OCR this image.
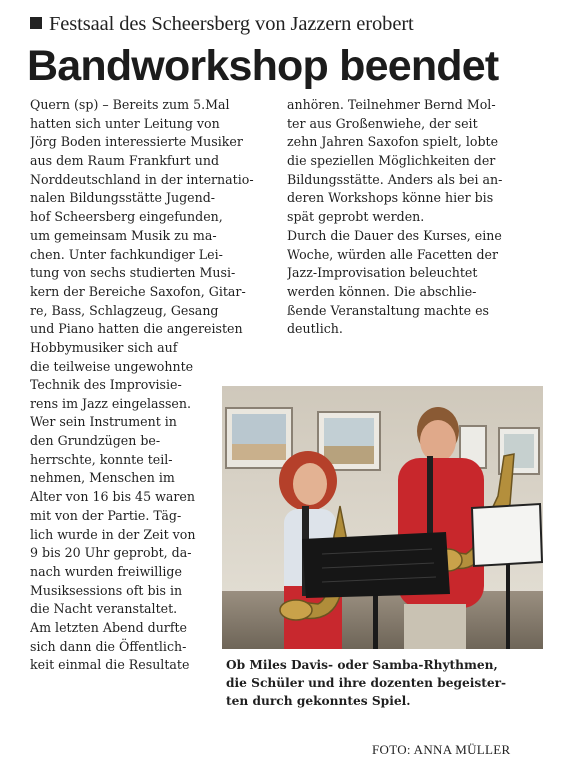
Festsaal des Scheersberg von Jazzern erobert
Bandworkshop beendet
Quern (sp) – Bereits zum 5.Mal
hatten sich unter Leitung von
Jörg Boden interessierte Musiker
aus dem Raum Frankfurt und
Norddeutschland in der internatio-
nalen Bildungsstätte Jugend-
hof Scheersberg eingefunden,
um gemeinsam Musik zu ma-
chen. Unter fachkundiger Lei-
tung von sechs studierten Musi-
kern der Bereiche Saxofon, Gitar-
re, Bass, Schlagzeug, Gesang
und Piano hatten die angereisten
Hobbymusiker sich auf
die teilweise ungewohnte
Technik des Improvisie-
rens im Jazz eingelassen.
Wer sein Instrument in
den Grundzügen be-
herrschte, konnte teil-
nehmen, Menschen im
Alter von 16 bis 45 waren
mit von der Partie. Täg-
lich wurde in der Zeit von
9 bis 20 Uhr geprobt, da-
nach wurden freiwillige
Musiksessions oft bis in
die Nacht veranstaltet.
Am letzten Abend durfte
sich dann die Öffentlich-
keit einmal die Resultate
anhören. Teilnehmer Bernd Mol-
ter aus Großenwiehe, der seit
zehn Jahren Saxofon spielt, lobte
die speziellen Möglichkeiten der
Bildungsstätte. Anders als bei an-
deren Workshops könne hier bis
spät geprobt werden.
Durch die Dauer des Kurses, eine
Woche, würden alle Facetten der
Jazz-Improvisation beleuchtet
werden können. Die abschlie-
ßende Veranstaltung machte es
deutlich.
Ob Miles Davis- oder Samba-Rhythmen,
die Schüler und ihre dozenten begeister-
ten durch gekonntes Spiel.
FOTO: ANNA MÜLLER
